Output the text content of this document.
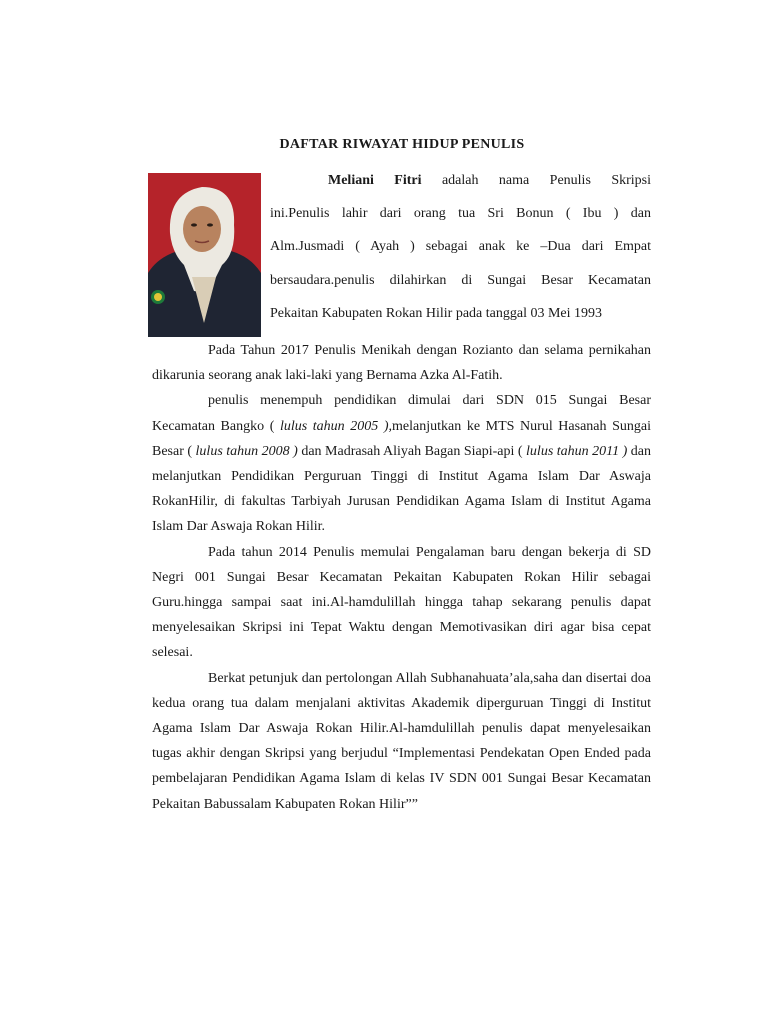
DAFTAR RIWAYAT HIDUP PENULIS
Meliani Fitri adalah nama Penulis Skripsi
ini.Penulis lahir dari orang tua Sri Bonun ( Ibu ) dan
Alm.Jusmadi ( Ayah ) sebagai anak ke –Dua dari Empat
bersaudara.penulis dilahirkan di Sungai Besar Kecamatan
Pekaitan Kabupaten Rokan Hilir pada tanggal 03 Mei 1993

Pada Tahun 2017 Penulis Menikah dengan Rozianto dan selama pernikahan dikarunia seorang anak laki-laki yang Bernama Azka Al-Fatih.

penulis menempuh pendidikan dimulai dari SDN 015 Sungai Besar Kecamatan Bangko ( lulus tahun 2005 ),melanjutkan ke MTS Nurul Hasanah Sungai Besar ( lulus tahun 2008 ) dan Madrasah Aliyah Bagan Siapi-api ( lulus tahun 2011 ) dan melanjutkan Pendidikan Perguruan Tinggi di Institut Agama Islam Dar Aswaja RokanHilir, di fakultas Tarbiyah Jurusan Pendidikan Agama Islam di Institut Agama Islam Dar Aswaja Rokan Hilir.

Pada tahun 2014 Penulis memulai Pengalaman baru dengan bekerja di SD Negri 001 Sungai Besar Kecamatan Pekaitan Kabupaten Rokan Hilir sebagai Guru.hingga sampai saat ini.Al-hamdulillah hingga tahap sekarang penulis dapat menyelesaikan Skripsi ini Tepat Waktu dengan Memotivasikan diri agar bisa cepat selesai.

Berkat petunjuk dan pertolongan Allah Subhanahuata’ala,saha dan disertai doa kedua orang tua dalam menjalani aktivitas Akademik diperguruan Tinggi di Institut Agama Islam Dar Aswaja Rokan Hilir.Al-hamdulillah penulis dapat menyelesaikan tugas akhir dengan Skripsi yang berjudul “Implementasi Pendekatan Open Ended pada pembelajaran Pendidikan Agama Islam di kelas IV SDN 001 Sungai Besar Kecamatan Pekaitan Babussalam Kabupaten Rokan Hilir””
